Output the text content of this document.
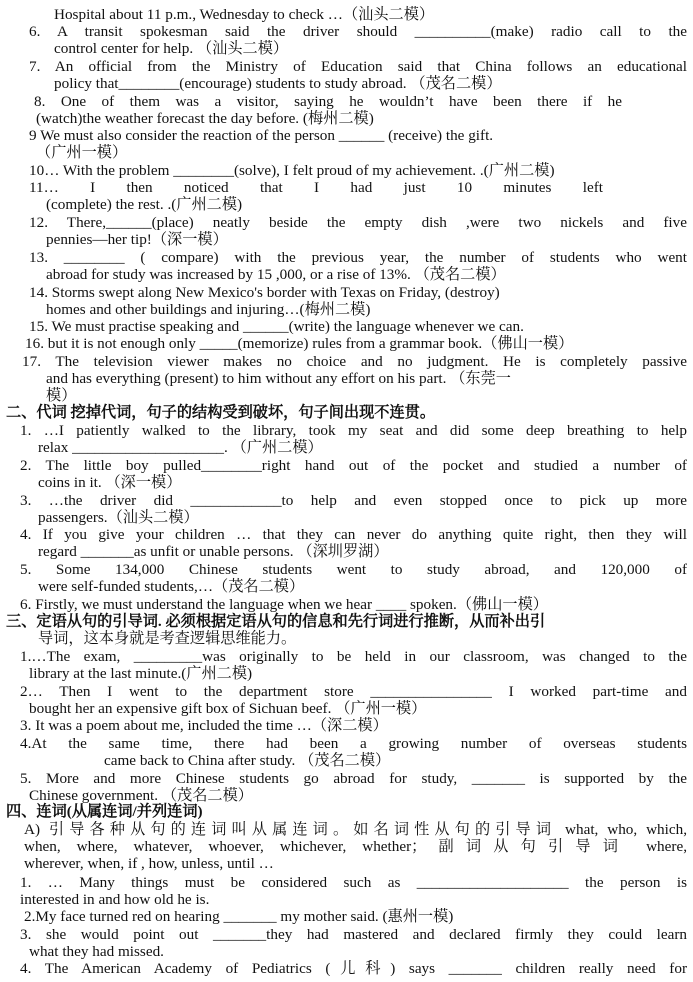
Hospital about 11 p.m., Wednesday to check …（汕头二模）
6. A transit spokesman said the driver should __________(make) radio call to the
control center for help. （汕头二模）
7. An official from the Ministry of Education said that China follows an educational
policy that________(encourage) students to study abroad. （茂名二模）
8. One of them was a visitor, saying he wouldn’t have been there if he
(watch)the weather forecast the day before. (梅州二模)
9 We must also consider the reaction of the person ______ (receive) the gift.
（广州一模）
10… With the problem ________(solve), I felt proud of my achievement. .(广州二模)
11… I then noticed that I had just 10 minutes left
(complete) the rest. .(广州二模)
12. There,______(place) neatly beside the empty dish ,were two nickels and five
pennies—her tip!（深一模）
13. ________ ( compare) with the previous year, the number of students who went
abroad for study was increased by 15 ,000, or a rise of 13%. （茂名二模）
14. Storms swept along New Mexico's border with Texas on Friday, (destroy)
homes and other buildings and injuring…(梅州二模)
15. We must practise speaking and ______(write) the language whenever we can.
16. but it is not enough only _____(memorize) rules from a grammar book.（佛山一模）
17. The television viewer makes no choice and no judgment. He is completely passive
and has everything (present) to him without any effort on his part. （东莞一
模）
二、代词 挖掉代词，句子的结构受到破坏，句子间出现不连贯。
1. …I patiently walked to the library, took my seat and did some deep breathing to help
relax ____________________. （广州二模）
2. The little boy pulled________right hand out of the pocket and studied a number of
coins in it. （深一模）
3. …the driver did ____________to help and even stopped once to pick up more
passengers.（汕头二模）
4. If you give your children … that they can never do anything quite right, then they will
regard _______as unfit or unable persons. （深圳罗湖）
5. Some 134,000 Chinese students went to study abroad, and 120,000 of
were self-funded students,…（茂名二模）
6. Firstly, we must understand the language when we hear ____ spoken.（佛山一模）
三、定语从句的引导词. 必须根据定语从句的信息和先行词进行推断，从而补出引
导词，这本身就是考查逻辑思维能力。
1.…The exam, _________was originally to be held in our classroom, was changed to the
library at the last minute.(广州二模)
2… Then I went to the department store ________________ I worked part-time and
bought her an expensive gift box of Sichuan beef. （广州一模）
3. It was a poem about me, included the time …（深二模）
4.At the same time, there had been a growing number of overseas students
came back to China after study. （茂名二模）
5. More and more Chinese students go abroad for study, _______ is supported by the
Chinese government. （茂名二模）
四、连词(从属连词/并列连词)
A) 引导各种从句的连词叫从属连词。如名词性从句的引导词 what, who, which,
when, where, whatever, whoever, whichever, whether；副词从句引导词 where,
wherever, when, if , how, unless, until …
1. … Many things must be considered such as ____________________ the person is
interested in and how old he is.
2.My face turned red on hearing _______ my mother said. (惠州一模)
3. she would point out _______they had mastered and declared firmly they could learn
what they had missed.
4. The American Academy of Pediatrics (儿科) says _______ children really need for
